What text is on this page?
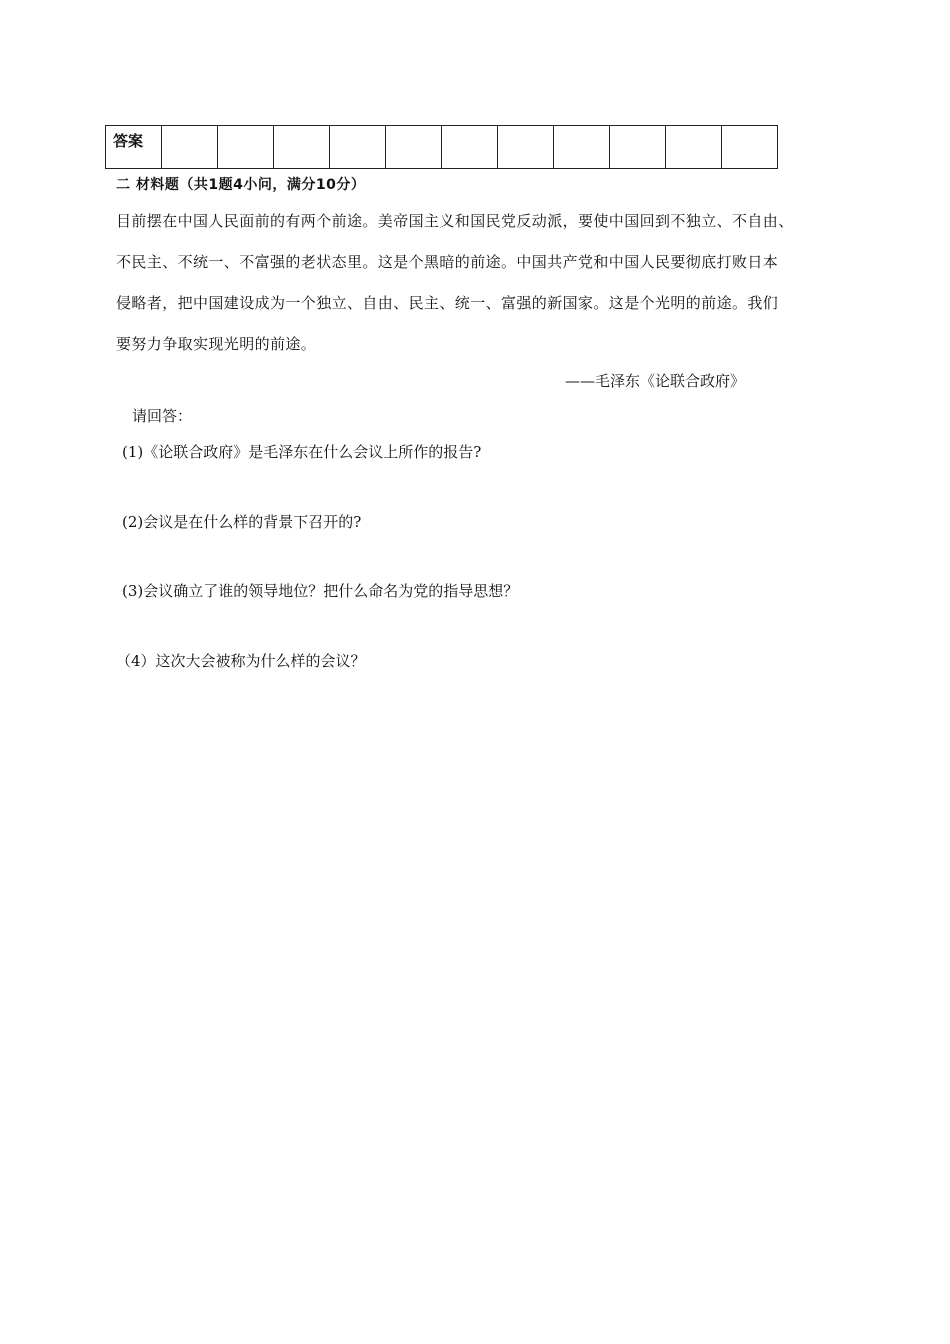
答案											
二 材料题（共1题4小问，满分10分）
目前摆在中国人民面前的有两个前途。美帝国主义和国民党反动派，要使中国回到不独立、不自由、
不民主、不统一、不富强的老状态里。这是个黑暗的前途。中国共产党和中国人民要彻底打败日本
侵略者，把中国建设成为一个独立、自由、民主、统一、富强的新国家。这是个光明的前途。我们
要努力争取实现光明的前途。
——毛泽东《论联合政府》
请回答：
(1)《论联合政府》是毛泽东在什么会议上所作的报告?
(2)会议是在什么样的背景下召开的?
(3)会议确立了谁的领导地位？把什么命名为党的指导思想？
（4）这次大会被称为什么样的会议？
